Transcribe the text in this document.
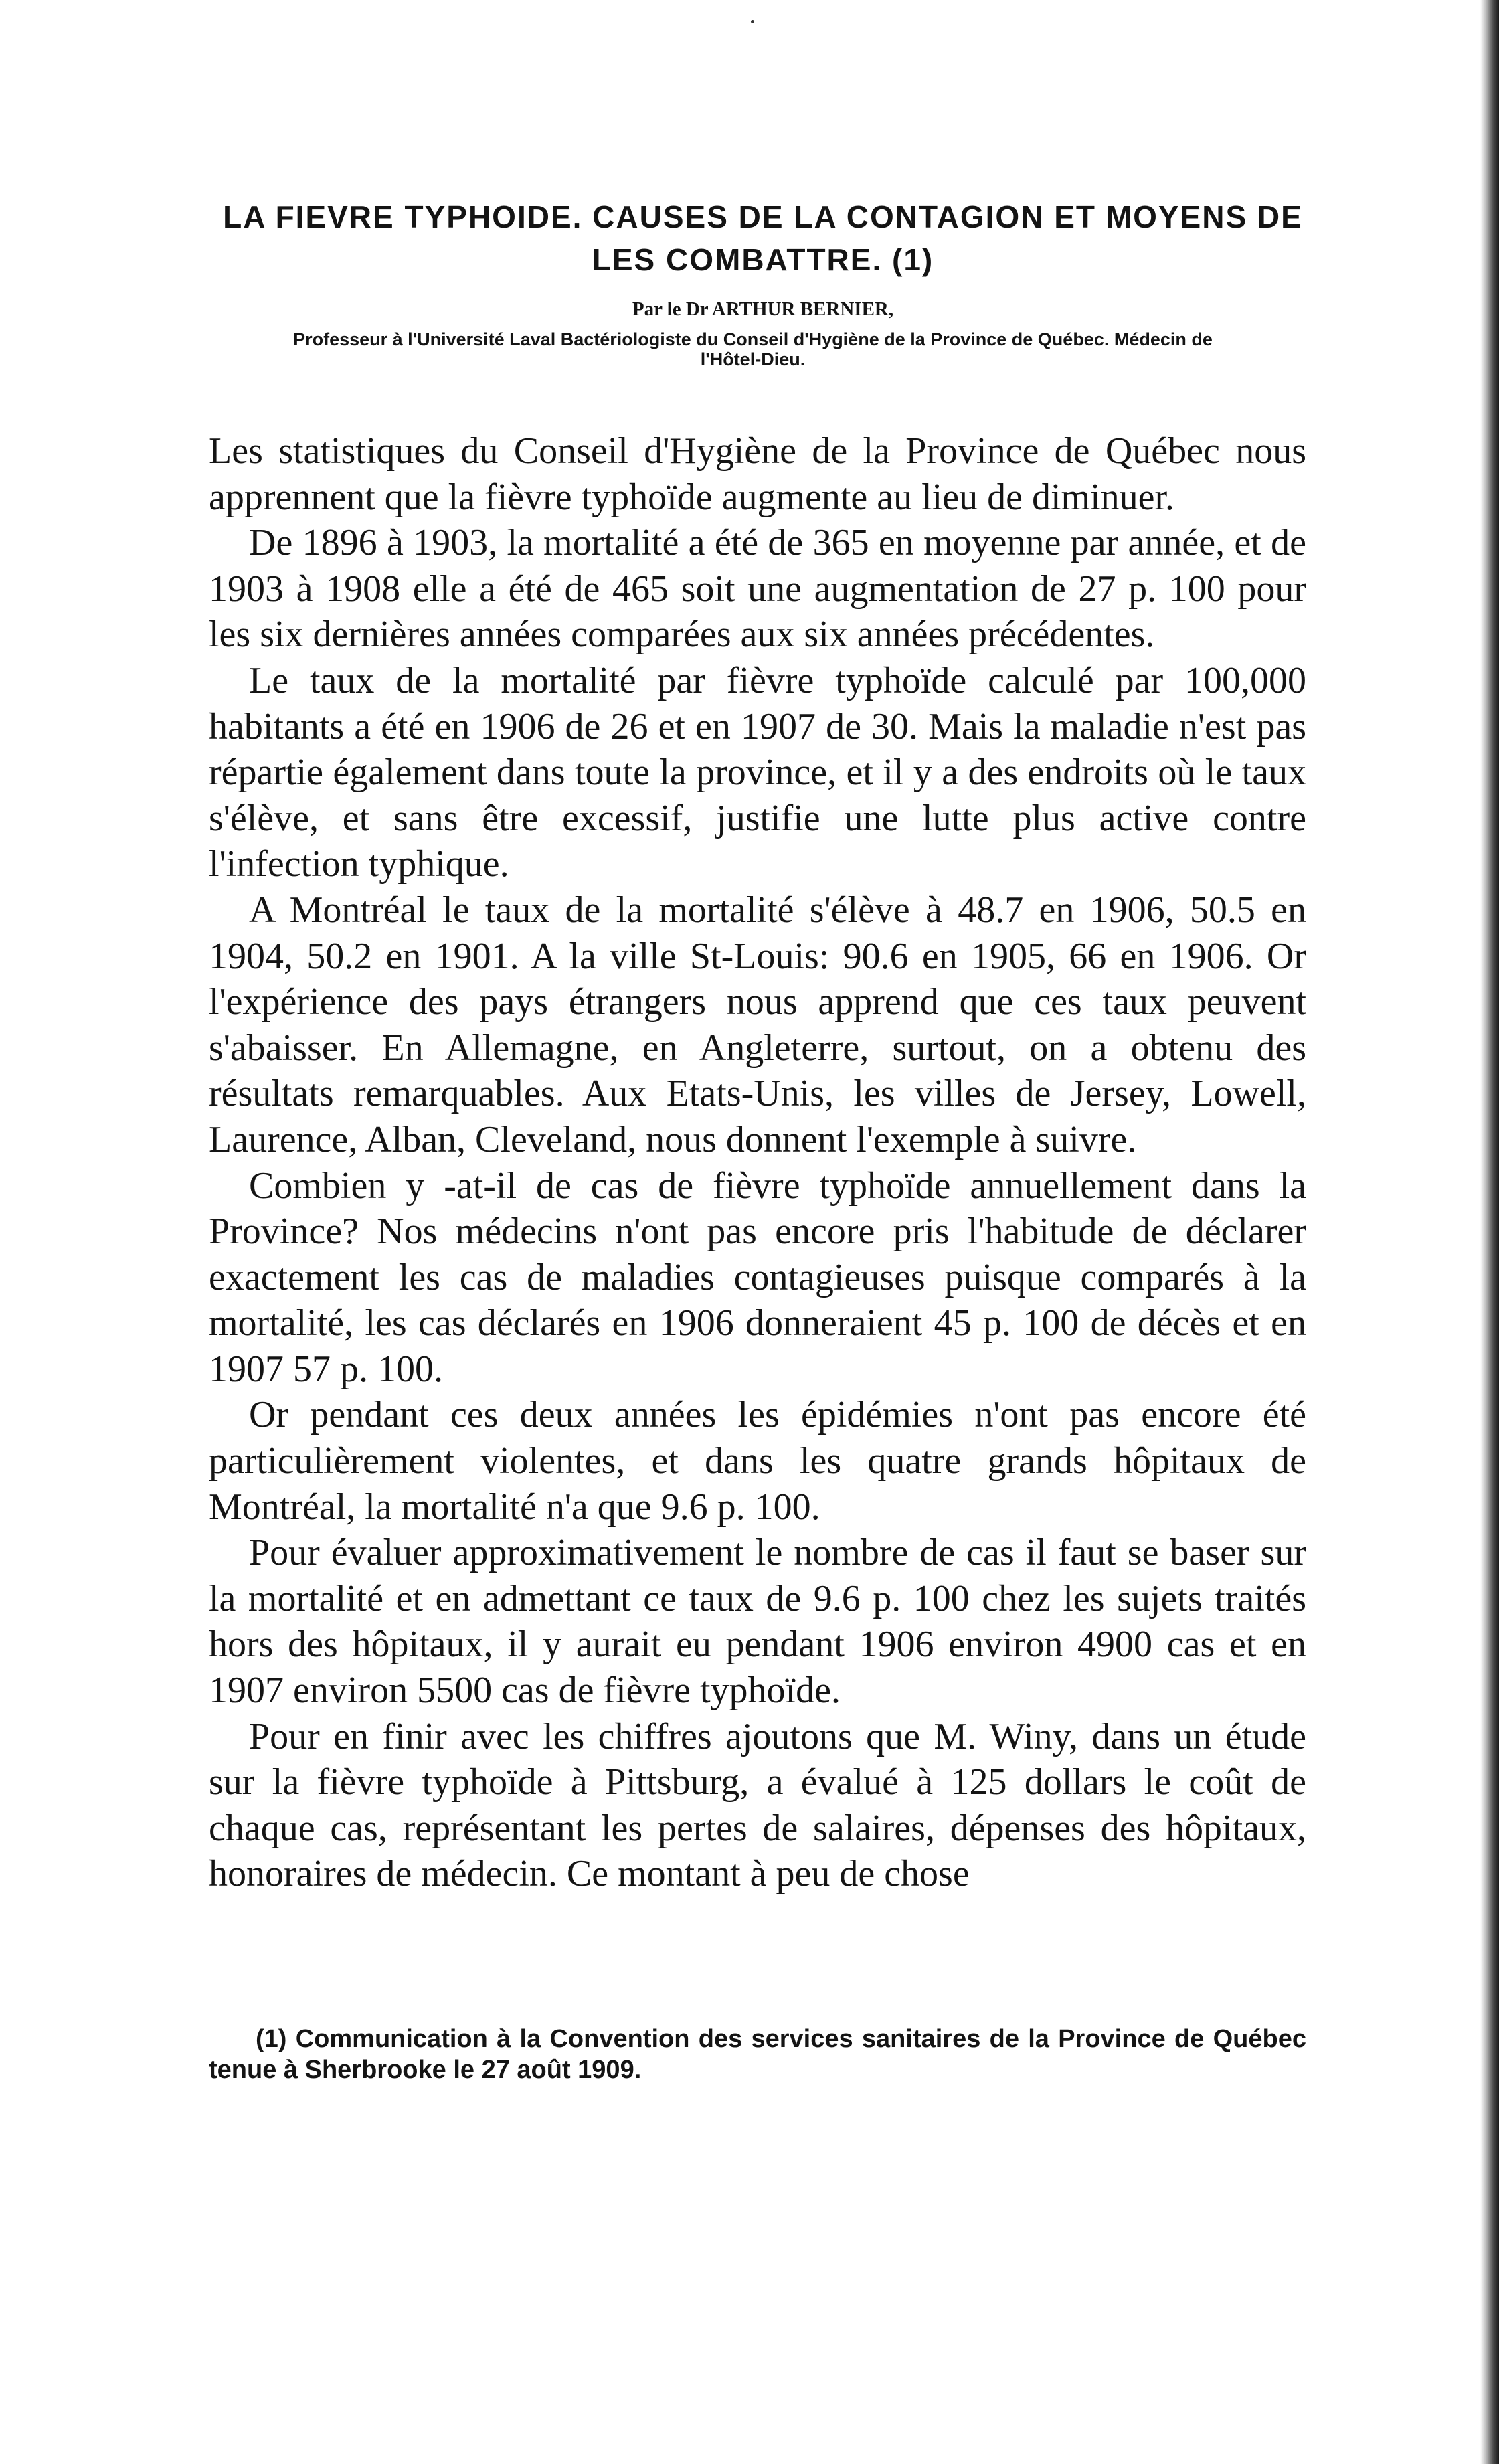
LA FIEVRE TYPHOIDE. CAUSES DE LA CONTAGION ET MOYENS DE LES COMBATTRE. (1)

Par le Dr ARTHUR BERNIER,

Professeur à l'Université Laval Bactériologiste du Conseil d'Hygiène de la Province de Québec. Médecin de l'Hôtel-Dieu.

Les statistiques du Conseil d'Hygiène de la Province de Québec nous apprennent que la fièvre typhoïde augmente au lieu de diminuer.

De 1896 à 1903, la mortalité a été de 365 en moyenne par année, et de 1903 à 1908 elle a été de 465 soit une augmentation de 27 p. 100 pour les six dernières années comparées aux six années précédentes.

Le taux de la mortalité par fièvre typhoïde calculé par 100,000 habitants a été en 1906 de 26 et en 1907 de 30. Mais la maladie n'est pas répartie également dans toute la province, et il y a des endroits où le taux s'élève, et sans être excessif, justifie une lutte plus active contre l'infection typhique.

A Montréal le taux de la mortalité s'élève à 48.7 en 1906, 50.5 en 1904, 50.2 en 1901. A la ville St-Louis: 90.6 en 1905, 66 en 1906. Or l'expérience des pays étrangers nous apprend que ces taux peuvent s'abaisser. En Allemagne, en Angleterre, surtout, on a obtenu des résultats remarquables. Aux Etats-Unis, les villes de Jersey, Lowell, Laurence, Alban, Cleveland, nous donnent l'exemple à suivre.

Combien y -at-il de cas de fièvre typhoïde annuellement dans la Province? Nos médecins n'ont pas encore pris l'habitude de déclarer exactement les cas de maladies contagieuses puisque comparés à la mortalité, les cas déclarés en 1906 donneraient 45 p. 100 de décès et en 1907 57 p. 100.

Or pendant ces deux années les épidémies n'ont pas encore été particulièrement violentes, et dans les quatre grands hôpitaux de Montréal, la mortalité n'a que 9.6 p. 100.

Pour évaluer approximativement le nombre de cas il faut se baser sur la mortalité et en admettant ce taux de 9.6 p. 100 chez les sujets traités hors des hôpitaux, il y aurait eu pendant 1906 environ 4900 cas et en 1907 environ 5500 cas de fièvre typhoïde.

Pour en finir avec les chiffres ajoutons que M. Winy, dans un étude sur la fièvre typhoïde à Pittsburg, a évalué à 125 dollars le coût de chaque cas, représentant les pertes de salaires, dépenses des hôpitaux, honoraires de médecin. Ce montant à peu de chose

(1) Communication à la Convention des services sanitaires de la Province de Québec tenue à Sherbrooke le 27 août 1909.
